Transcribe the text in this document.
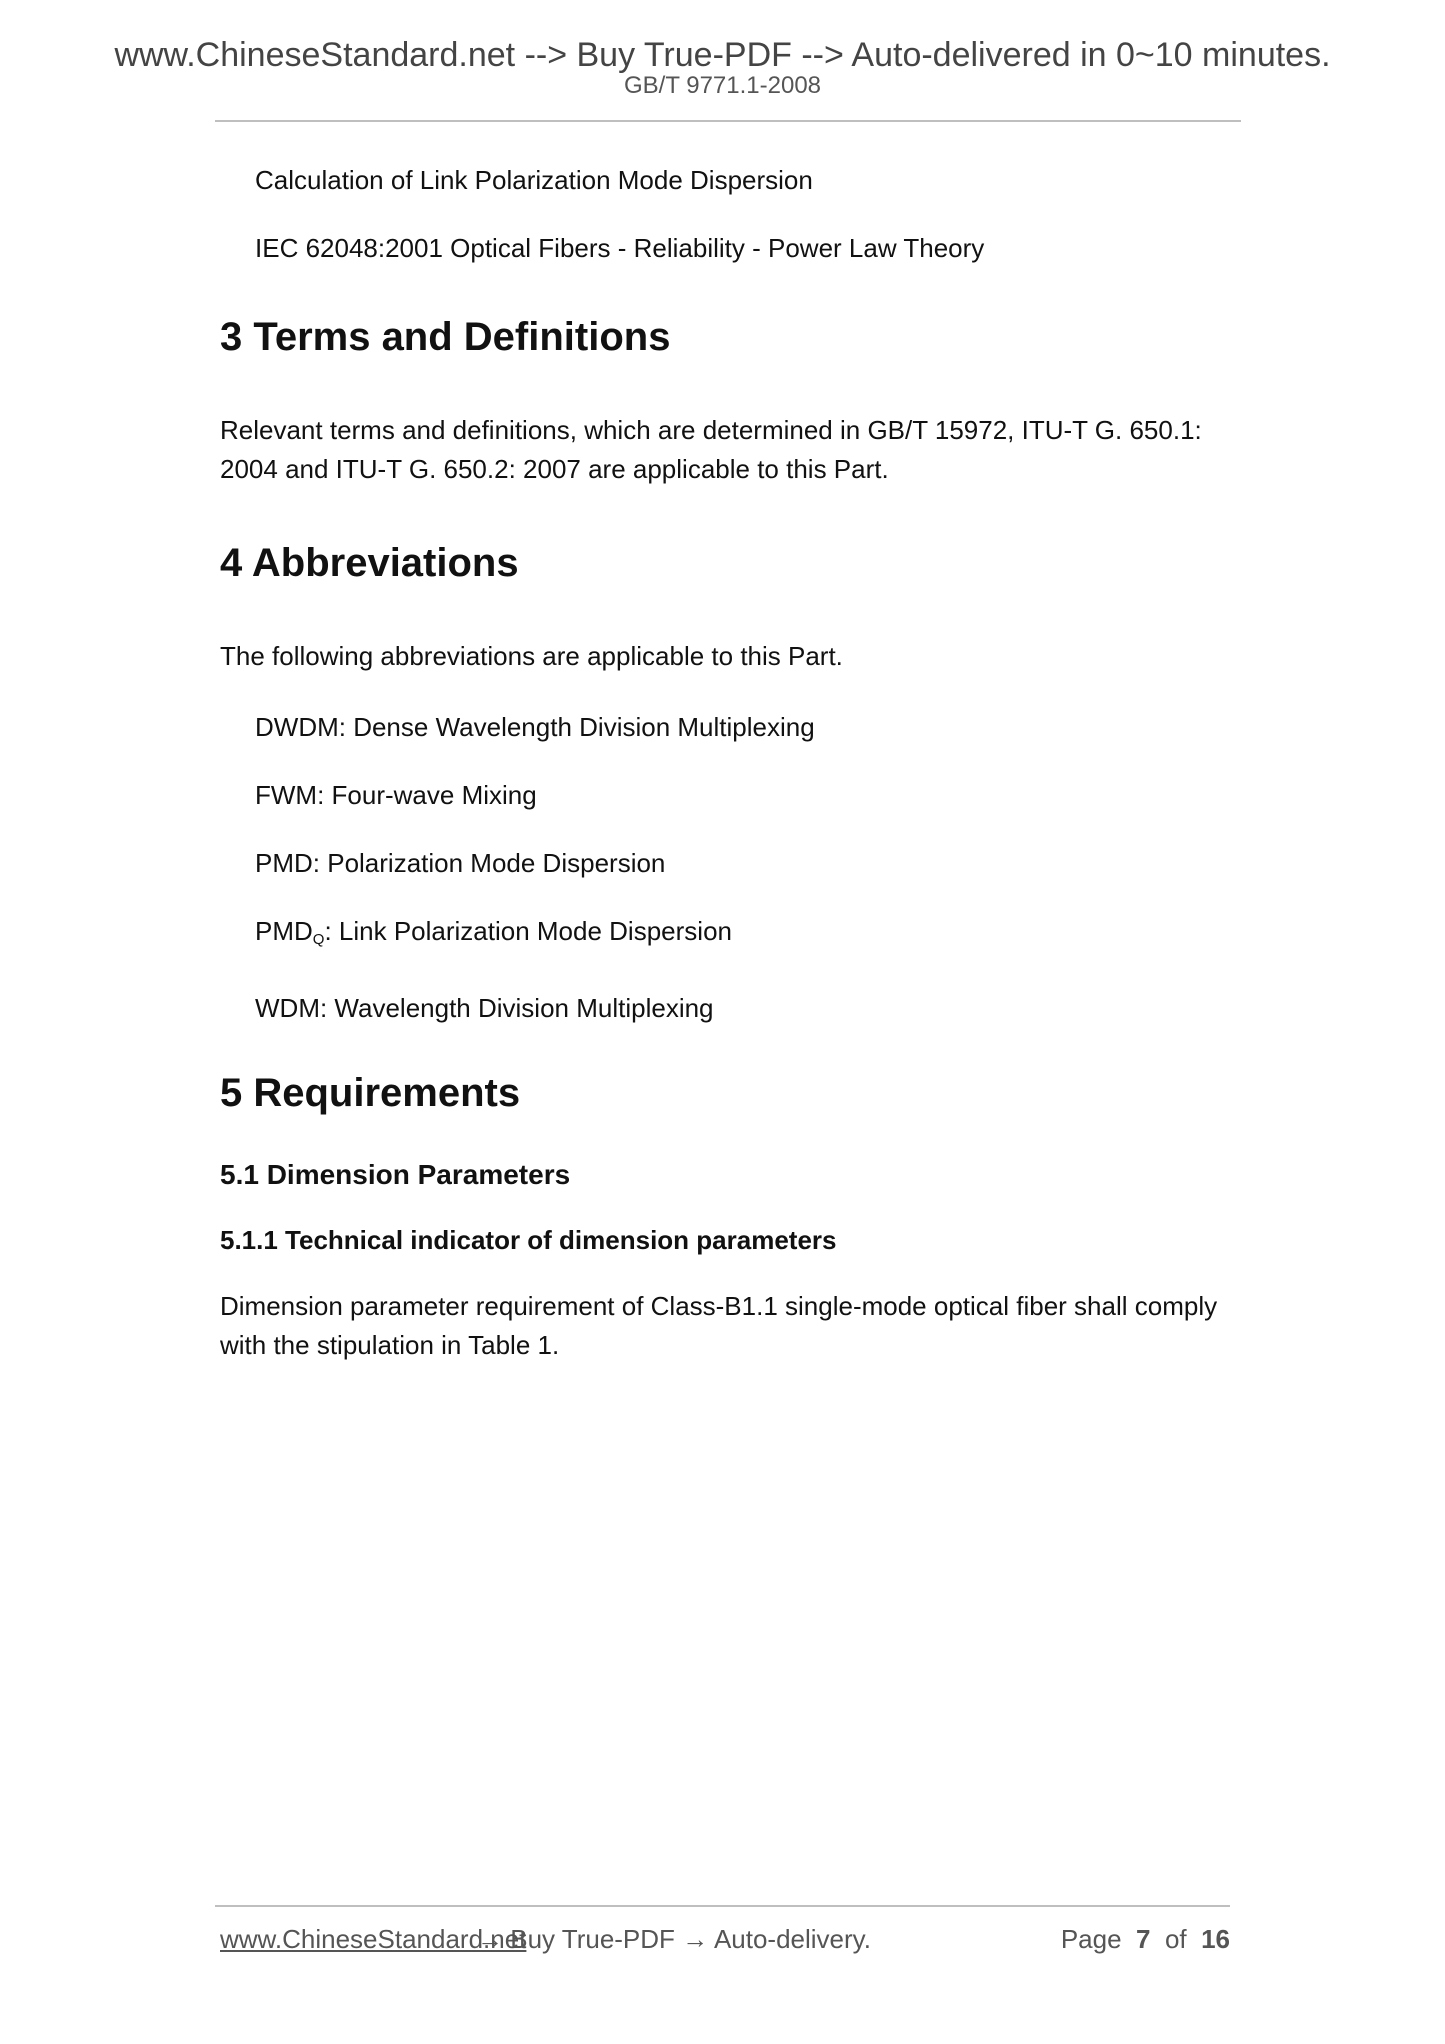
www.ChineseStandard.net --> Buy True-PDF --> Auto-delivered in 0~10 minutes.
GB/T 9771.1-2008

Calculation of Link Polarization Mode Dispersion

IEC 62048:2001 Optical Fibers - Reliability - Power Law Theory

3 Terms and Definitions

Relevant terms and definitions, which are determined in GB/T 15972, ITU-T G. 650.1: 2004 and ITU-T G. 650.2: 2007 are applicable to this Part.

4 Abbreviations

The following abbreviations are applicable to this Part.

DWDM: Dense Wavelength Division Multiplexing

FWM: Four-wave Mixing

PMD: Polarization Mode Dispersion

$PMD_Q$: Link Polarization Mode Dispersion

WDM: Wavelength Division Multiplexing

5 Requirements
5.1 Dimension Parameters
5.1.1 Technical indicator of dimension parameters

Dimension parameter requirement of Class-B1.1 single-mode optical fiber shall comply with the stipulation in Table 1.

www.ChineseStandard.net
→ Buy True-PDF → Auto-delivery.	Page 7 of 16
